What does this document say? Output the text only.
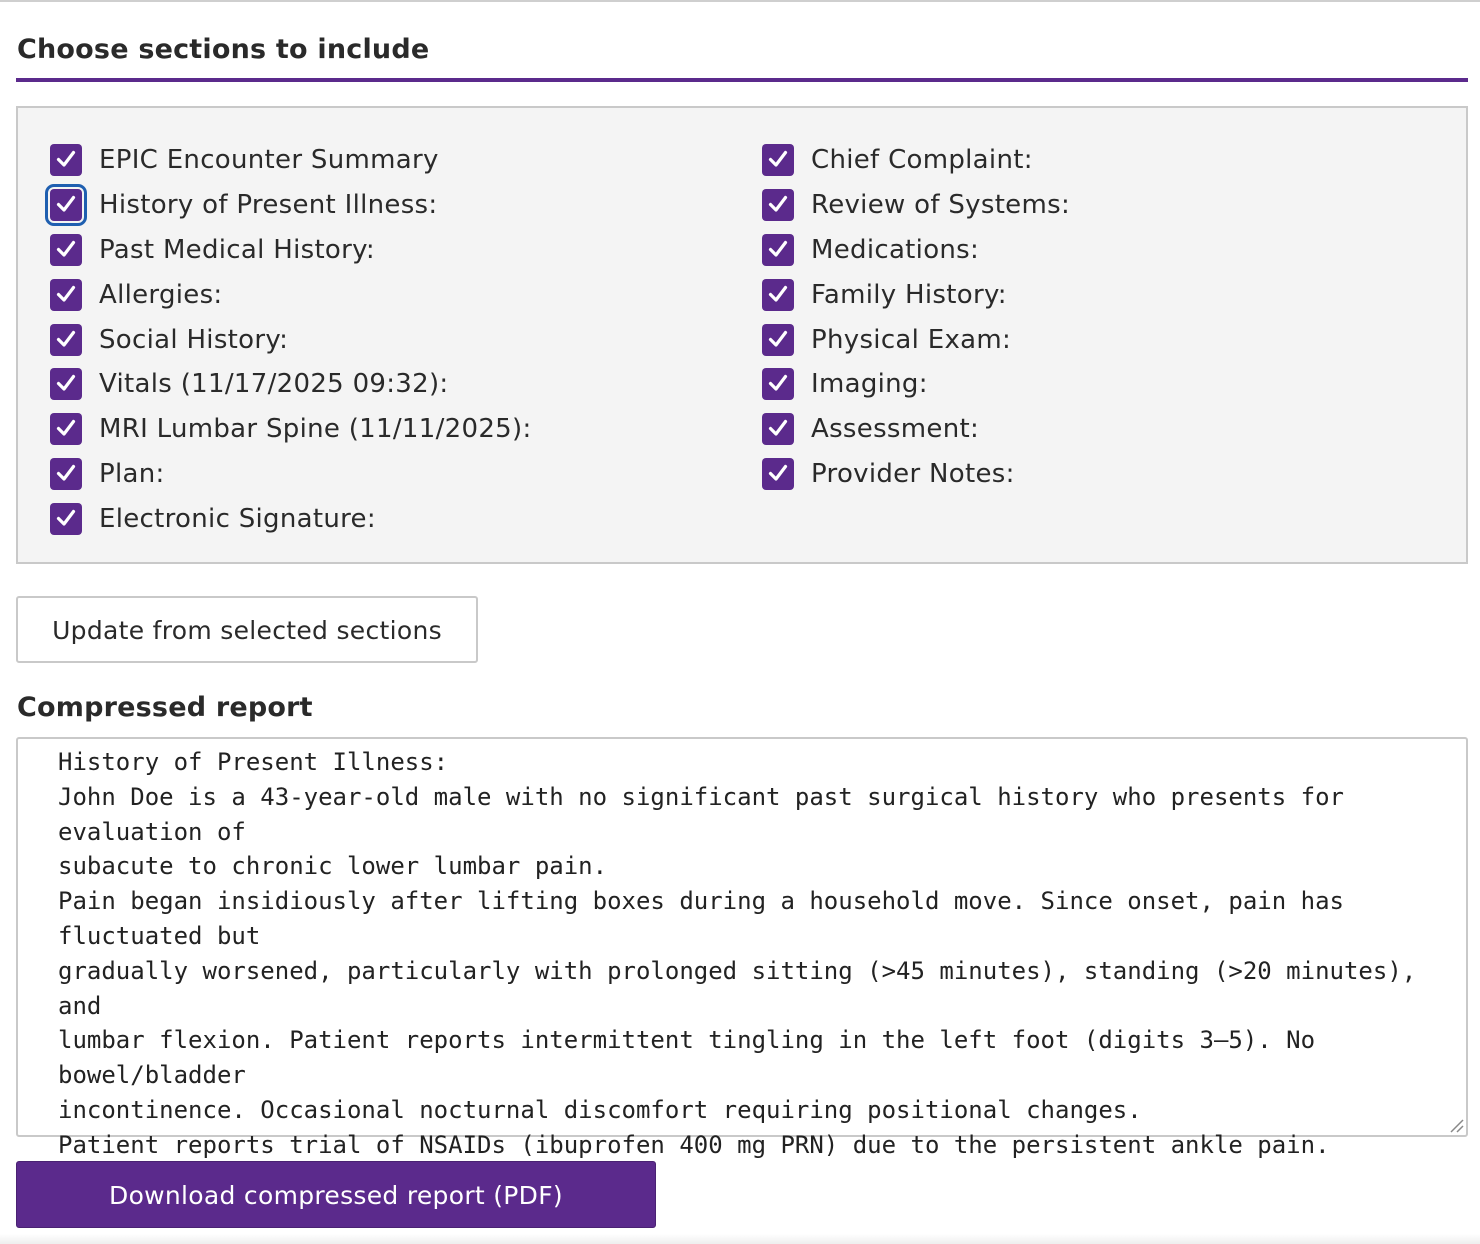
Choose sections to include
EPIC Encounter Summary
History of Present Illness:
Past Medical History:
Allergies:
Social History:
Vitals (11/17/2025 09:32):
MRI Lumbar Spine (11/11/2025):
Plan:
Electronic Signature:
Chief Complaint:
Review of Systems:
Medications:
Family History:
Physical Exam:
Imaging:
Assessment:
Provider Notes:
Update from selected sections
Compressed report
History of Present Illness:
John Doe is a 43-year-old male with no significant past surgical history who presents for evaluation of
subacute to chronic lower lumbar pain.
Pain began insidiously after lifting boxes during a household move. Since onset, pain has fluctuated but
gradually worsened, particularly with prolonged sitting (>45 minutes), standing (>20 minutes), and
lumbar flexion. Patient reports intermittent tingling in the left foot (digits 3–5). No bowel/bladder
incontinence. Occasional nocturnal discomfort requiring positional changes.
Patient reports trial of NSAIDs (ibuprofen 400 mg PRN) due to the persistent ankle pain.
Download compressed report (PDF)
